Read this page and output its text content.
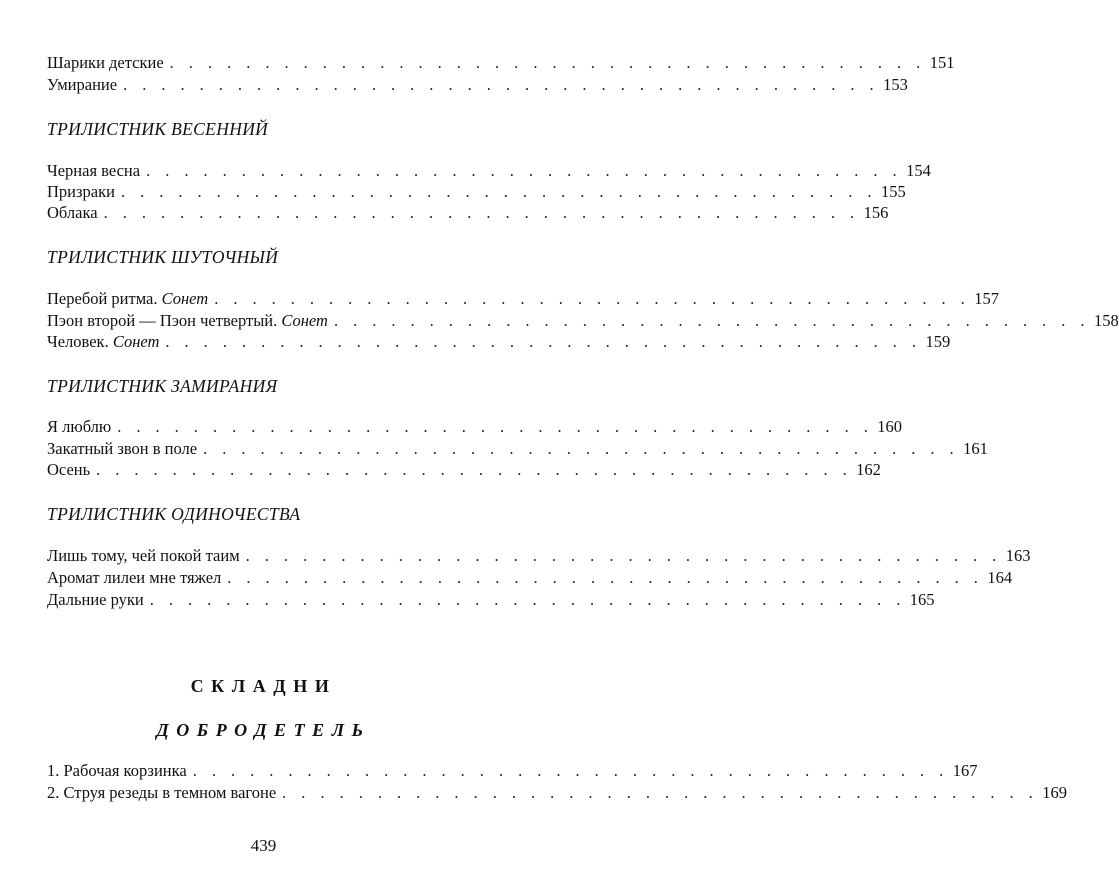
Шарики детские . . . . . . . . . . . . . . . . . . . . . . . . . . . . . . . . . . . . . . . . 151
Умирание . . . . . . . . . . . . . . . . . . . . . . . . . . . . . . . . . . . . . . . . 153
ТРИЛИСТНИК ВЕСЕННИЙ
Черная весна . . . . . . . . . . . . . . . . . . . . . . . . . . . . . . . . . . . . . . . . 154
Призраки . . . . . . . . . . . . . . . . . . . . . . . . . . . . . . . . . . . . . . . . 155
Облака . . . . . . . . . . . . . . . . . . . . . . . . . . . . . . . . . . . . . . . . 156
ТРИЛИСТНИК ШУТОЧНЫЙ
Перебой ритма. Сонет . . . . . . . . . . . . . . . . . . . . . . . . . . . . . . . . . . . . . . . . 157
Пэон второй — Пэон четвертый. Сонет . . . . . . . . . . . . . . . . . . . . . . . . . . . . . . . . . . . . . . . . 158
Человек. Сонет . . . . . . . . . . . . . . . . . . . . . . . . . . . . . . . . . . . . . . . . 159
ТРИЛИСТНИК ЗАМИРАНИЯ
Я люблю . . . . . . . . . . . . . . . . . . . . . . . . . . . . . . . . . . . . . . . . 160
Закатный звон в поле . . . . . . . . . . . . . . . . . . . . . . . . . . . . . . . . . . . . . . . . 161
Осень . . . . . . . . . . . . . . . . . . . . . . . . . . . . . . . . . . . . . . . . 162
ТРИЛИСТНИК ОДИНОЧЕСТВА
Лишь тому, чей покой таим . . . . . . . . . . . . . . . . . . . . . . . . . . . . . . . . . . . . . . . . 163
Аромат лилеи мне тяжел . . . . . . . . . . . . . . . . . . . . . . . . . . . . . . . . . . . . . . . . 164
Дальние руки . . . . . . . . . . . . . . . . . . . . . . . . . . . . . . . . . . . . . . . . 165
СКЛАДНИ
ДОБРОДЕТЕЛЬ
1. Рабочая корзинка . . . . . . . . . . . . . . . . . . . . . . . . . . . . . . . . . . . . . . . . 167
2. Струя резеды в темном вагоне . . . . . . . . . . . . . . . . . . . . . . . . . . . . . . . . . . . . . . . . 169
439
